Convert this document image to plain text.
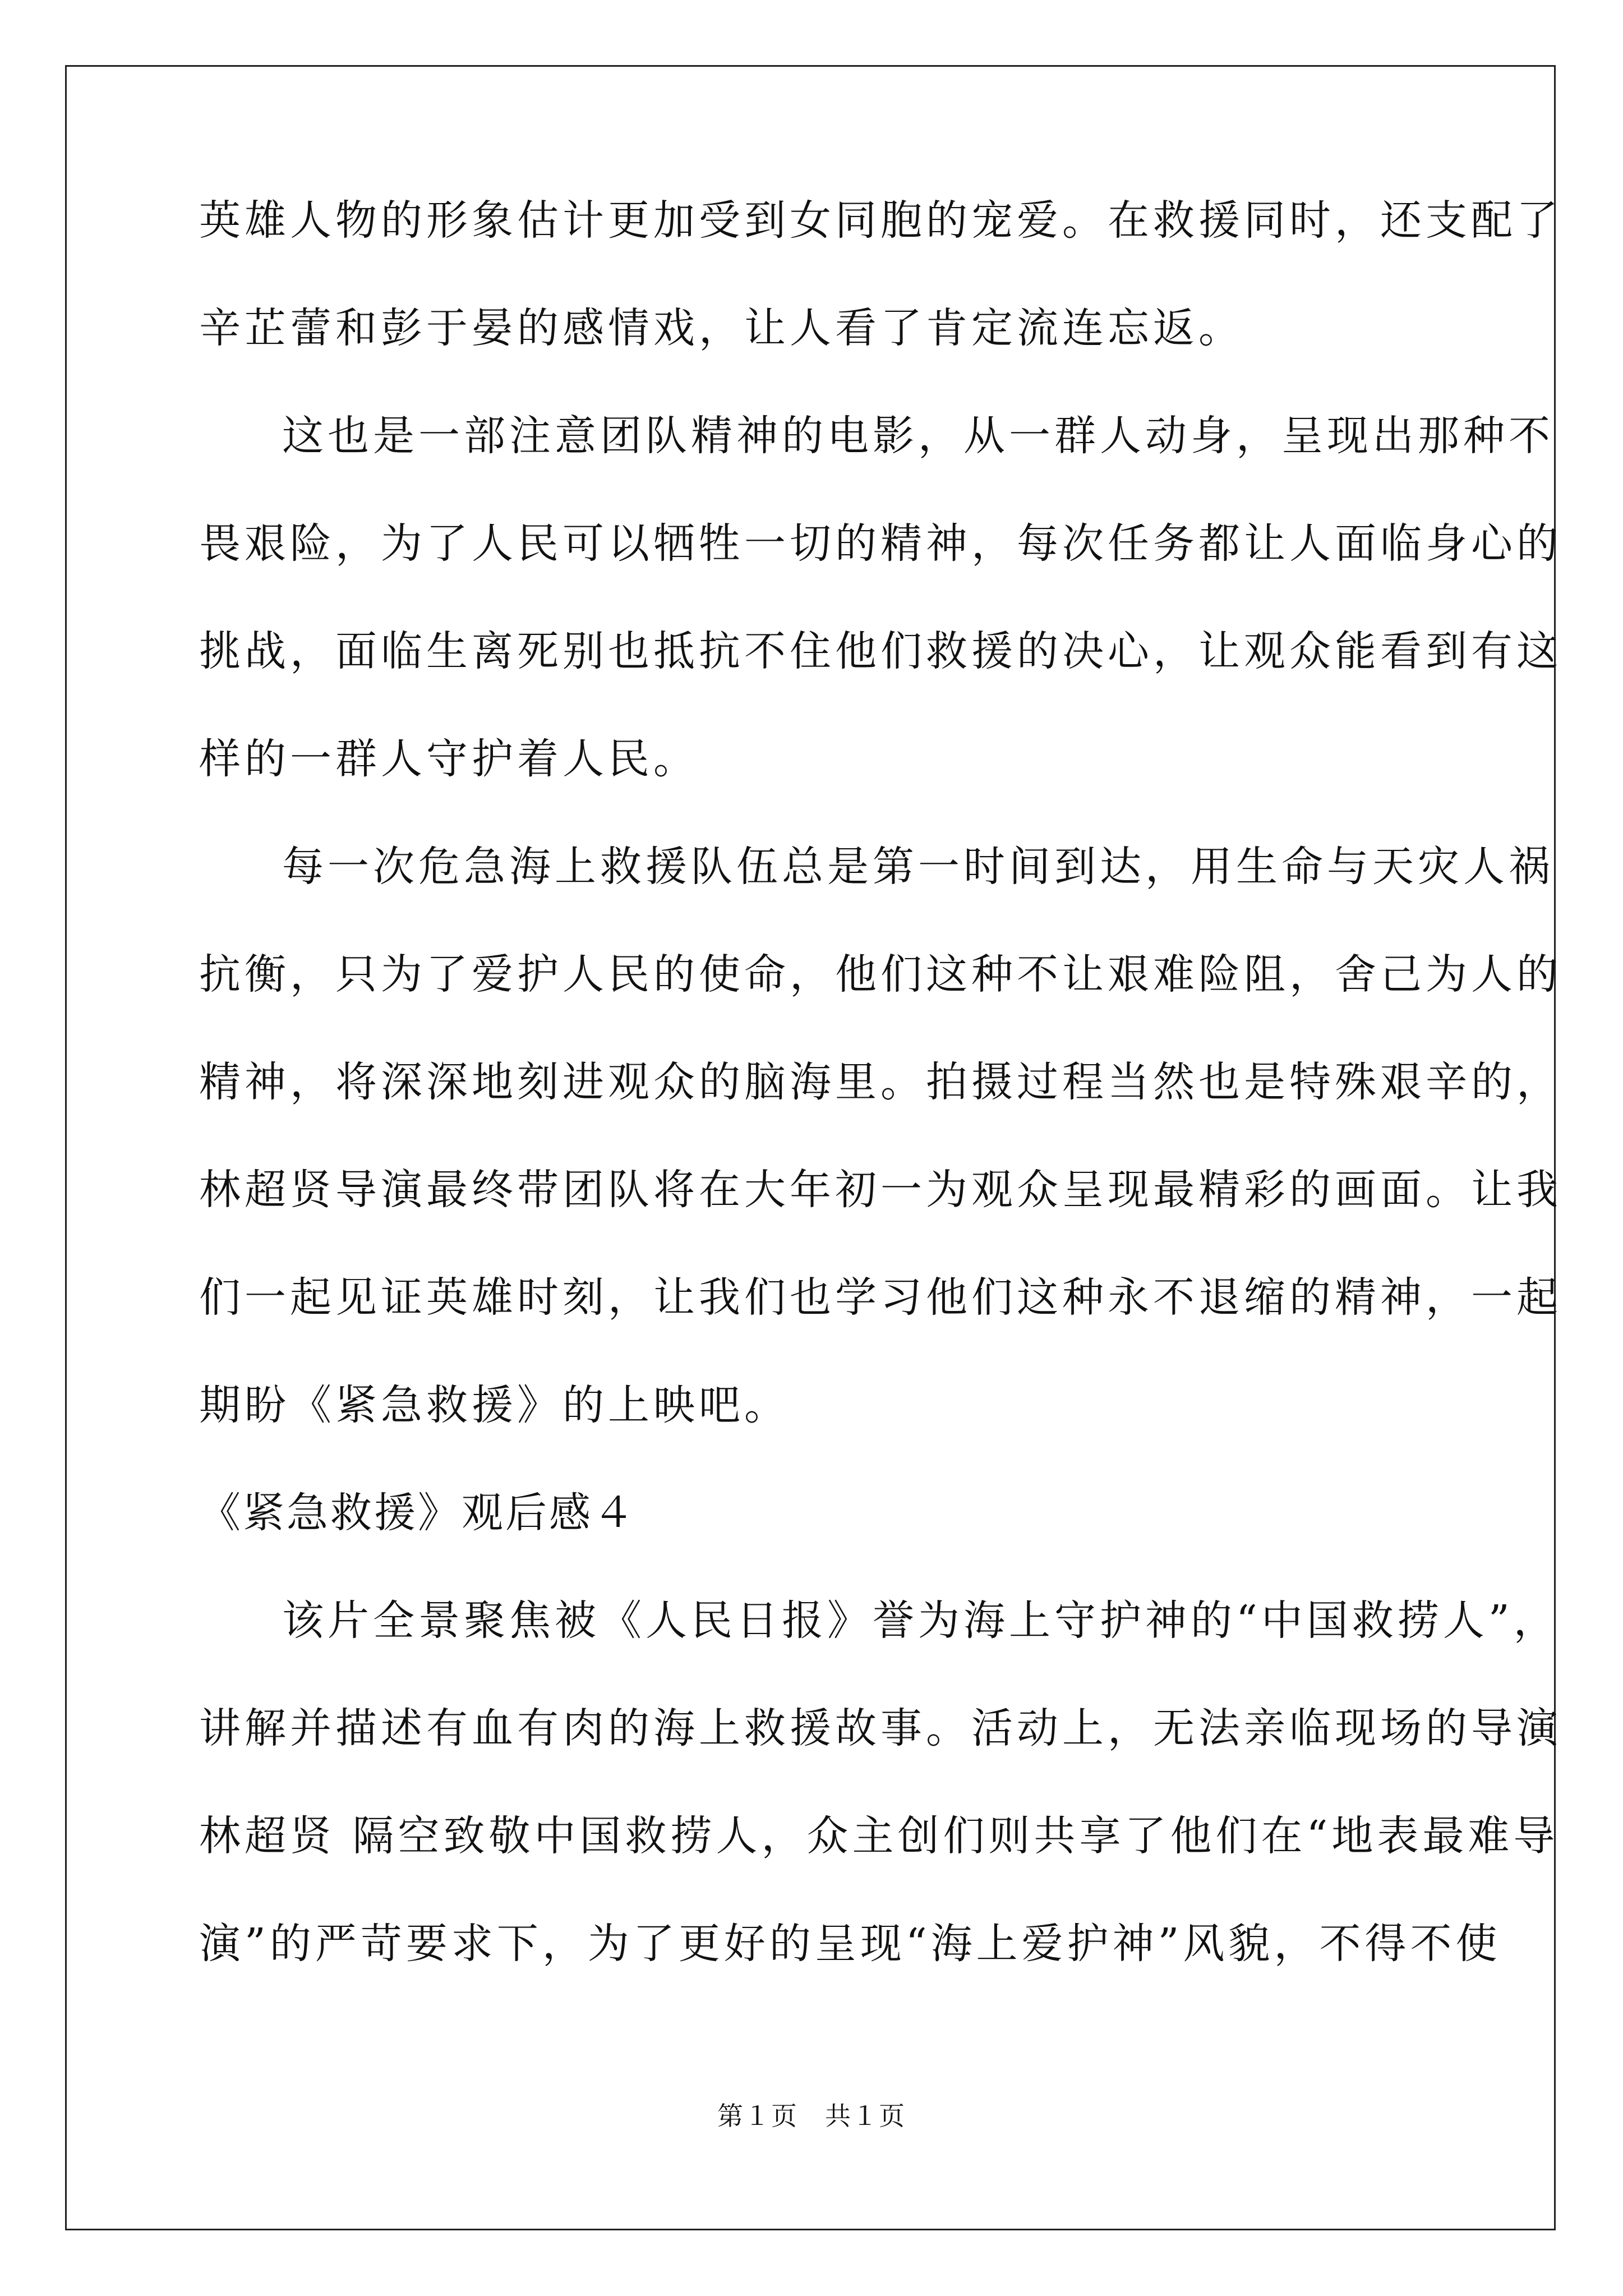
英雄人物的形象估计更加受到女同胞的宠爱。在救援同时，还支配了
辛芷蕾和彭于晏的感情戏，让人看了肯定流连忘返。
这也是一部注意团队精神的电影，从一群人动身，呈现出那种不
畏艰险，为了人民可以牺牲一切的精神，每次任务都让人面临身心的
挑战，面临生离死别也抵抗不住他们救援的决心，让观众能看到有这
样的一群人守护着人民。
每一次危急海上救援队伍总是第一时间到达，用生命与天灾人祸
抗衡，只为了爱护人民的使命，他们这种不让艰难险阻，舍己为人的
精神，将深深地刻进观众的脑海里。拍摄过程当然也是特殊艰辛的，
林超贤导演最终带团队将在大年初一为观众呈现最精彩的画面。让我
们一起见证英雄时刻，让我们也学习他们这种永不退缩的精神，一起
期盼《紧急救援》的上映吧。
《紧急救援》观后感４
该片全景聚焦被《人民日报》誉为海上守护神的“中国救捞人”，
讲解并描述有血有肉的海上救援故事。活动上，无法亲临现场的导演
林超贤 隔空致敬中国救捞人，众主创们则共享了他们在“地表最难导
演”的严苛要求下，为了更好的呈现“海上爱护神”风貌，不得不使
第１页　共１页
